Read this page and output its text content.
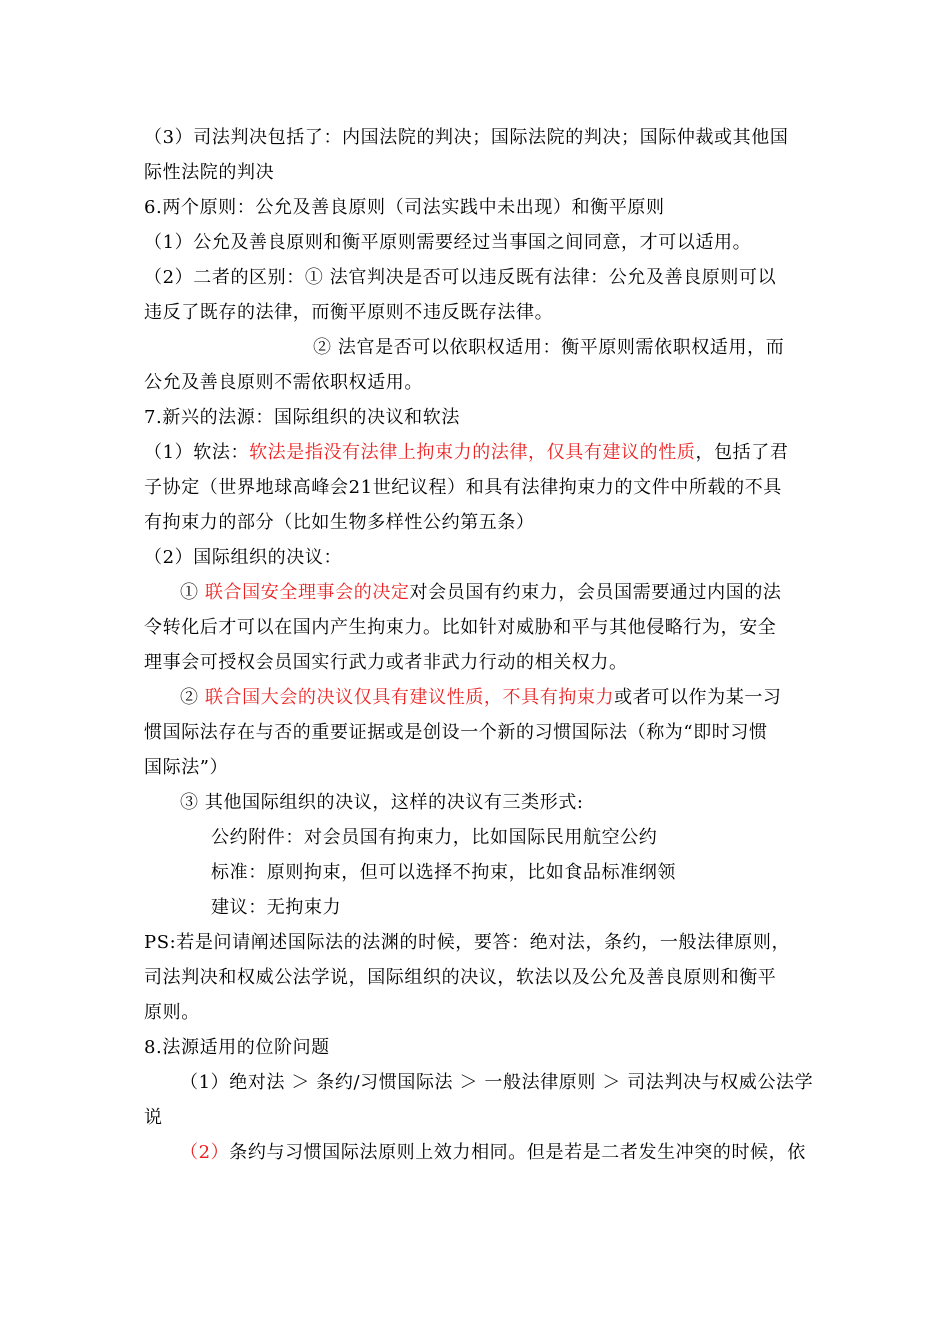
（3）司法判决包括了：内国法院的判决；国际法院的判决；国际仲裁或其他国
际性法院的判决
6.两个原则：公允及善良原则（司法实践中未出现）和衡平原则
（1）公允及善良原则和衡平原则需要经过当事国之间同意，才可以适用。
（2）二者的区别：① 法官判决是否可以违反既有法律：公允及善良原则可以
违反了既存的法律，而衡平原则不违反既存法律。
② 法官是否可以依职权适用：衡平原则需依职权适用，而
公允及善良原则不需依职权适用。
7.新兴的法源：国际组织的决议和软法
（1）软法：软法是指没有法律上拘束力的法律，仅具有建议的性质，包括了君
子协定（世界地球高峰会21世纪议程）和具有法律拘束力的文件中所载的不具
有拘束力的部分（比如生物多样性公约第五条）
（2）国际组织的决议：
① 联合国安全理事会的决定对会员国有约束力，会员国需要通过内国的法
令转化后才可以在国内产生拘束力。比如针对威胁和平与其他侵略行为，安全
理事会可授权会员国实行武力或者非武力行动的相关权力。
② 联合国大会的决议仅具有建议性质，不具有拘束力或者可以作为某一习
惯国际法存在与否的重要证据或是创设一个新的习惯国际法（称为“即时习惯
国际法”）
③ 其他国际组织的决议，这样的决议有三类形式:
公约附件：对会员国有拘束力，比如国际民用航空公约
标准：原则拘束，但可以选择不拘束，比如食品标准纲领
建议：无拘束力
PS:若是问请阐述国际法的法渊的时候，要答：绝对法，条约，一般法律原则，
司法判决和权威公法学说，国际组织的决议，软法以及公允及善良原则和衡平
原则。
8.法源适用的位阶问题
（1）绝对法 ＞ 条约/习惯国际法 ＞ 一般法律原则 ＞ 司法判决与权威公法学
说
（2）条约与习惯国际法原则上效力相同。但是若是二者发生冲突的时候，依
